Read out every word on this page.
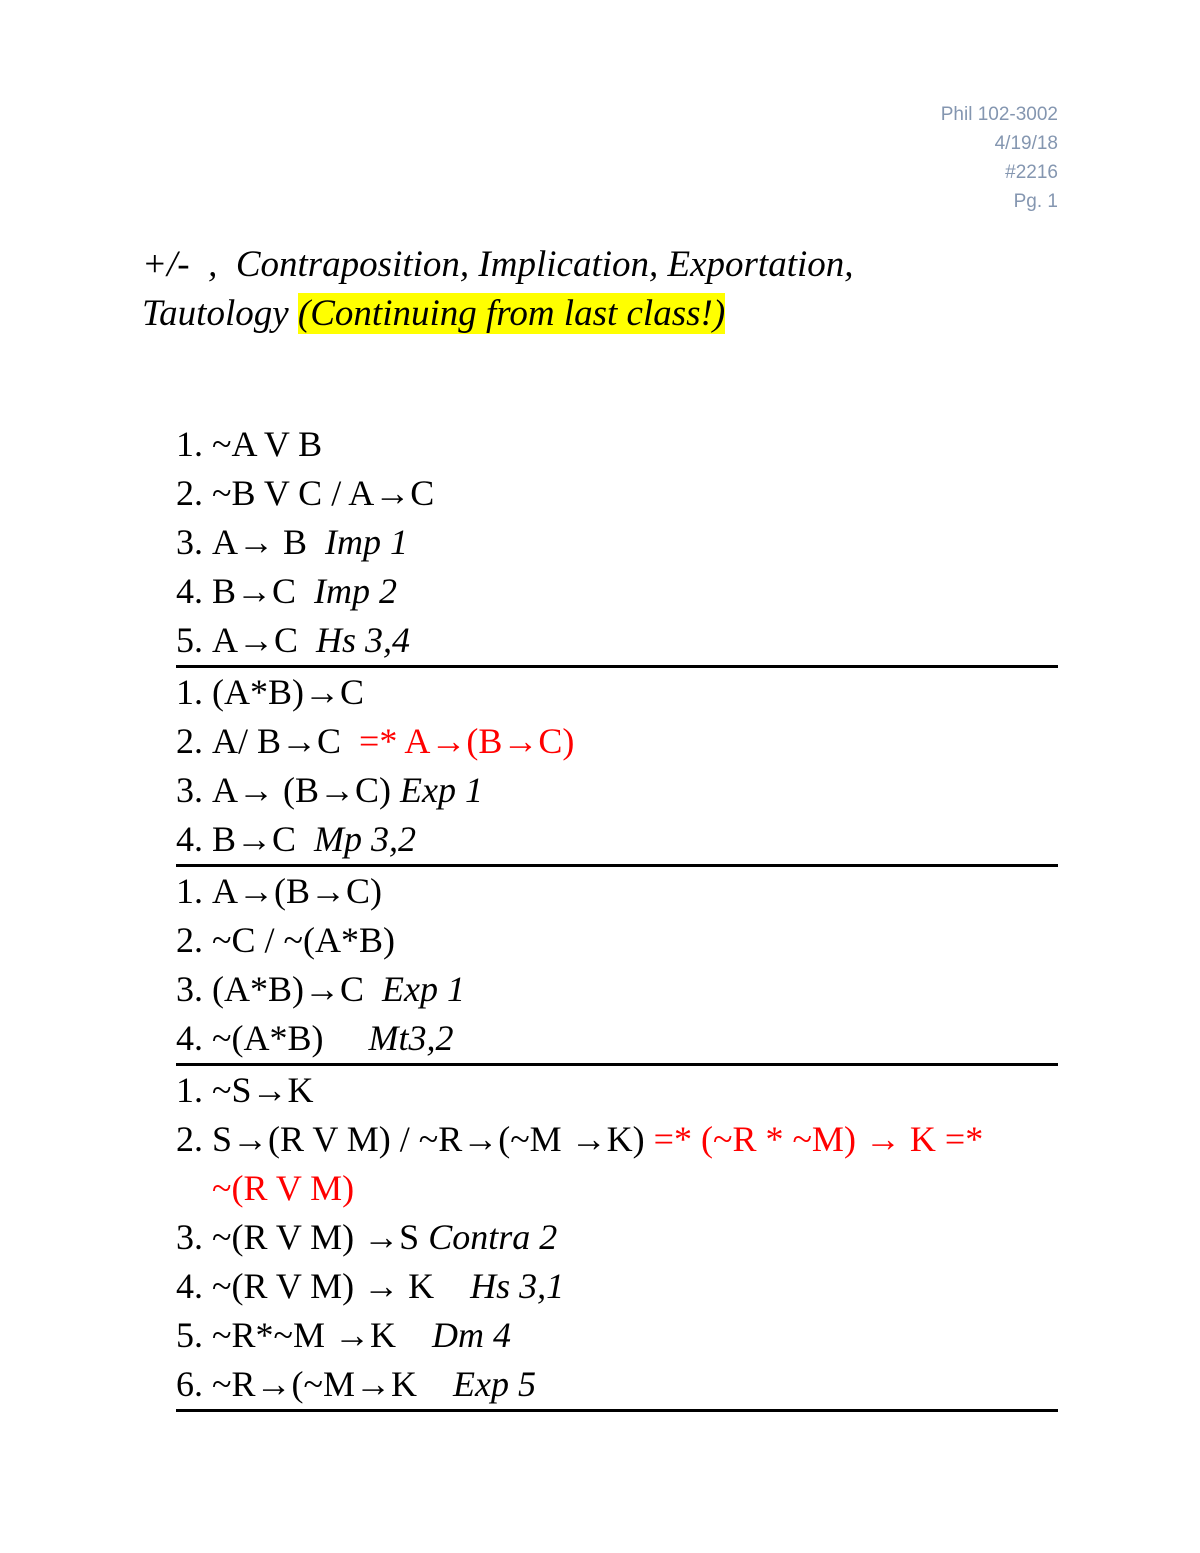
Phil 102-3002
4/19/18
#2216
Pg. 1
+/-  ,  Contraposition, Implication, Exportation,
Tautology (Continuing from last class!)
1. ~A V B
2. ~B V C / A→C
3. A→ B  Imp 1
4. B→C  Imp 2
5. A→C  Hs 3,4
1. (A*B)→C
2. A/ B→C  =* A→(B→C)
3. A→ (B→C) Exp 1
4. B→C  Mp 3,2
1. A→(B→C)
2. ~C / ~(A*B)
3. (A*B)→C  Exp 1
4. ~(A*B)     Mt3,2
1. ~S→K
2. S→(R V M) / ~R→(~M →K) =* (~R * ~M) → K =*
~(R V M)
3. ~(R V M) →S Contra 2
4. ~(R V M) → K    Hs 3,1
5. ~R*~M →K    Dm 4
6. ~R→(~M→K    Exp 5
